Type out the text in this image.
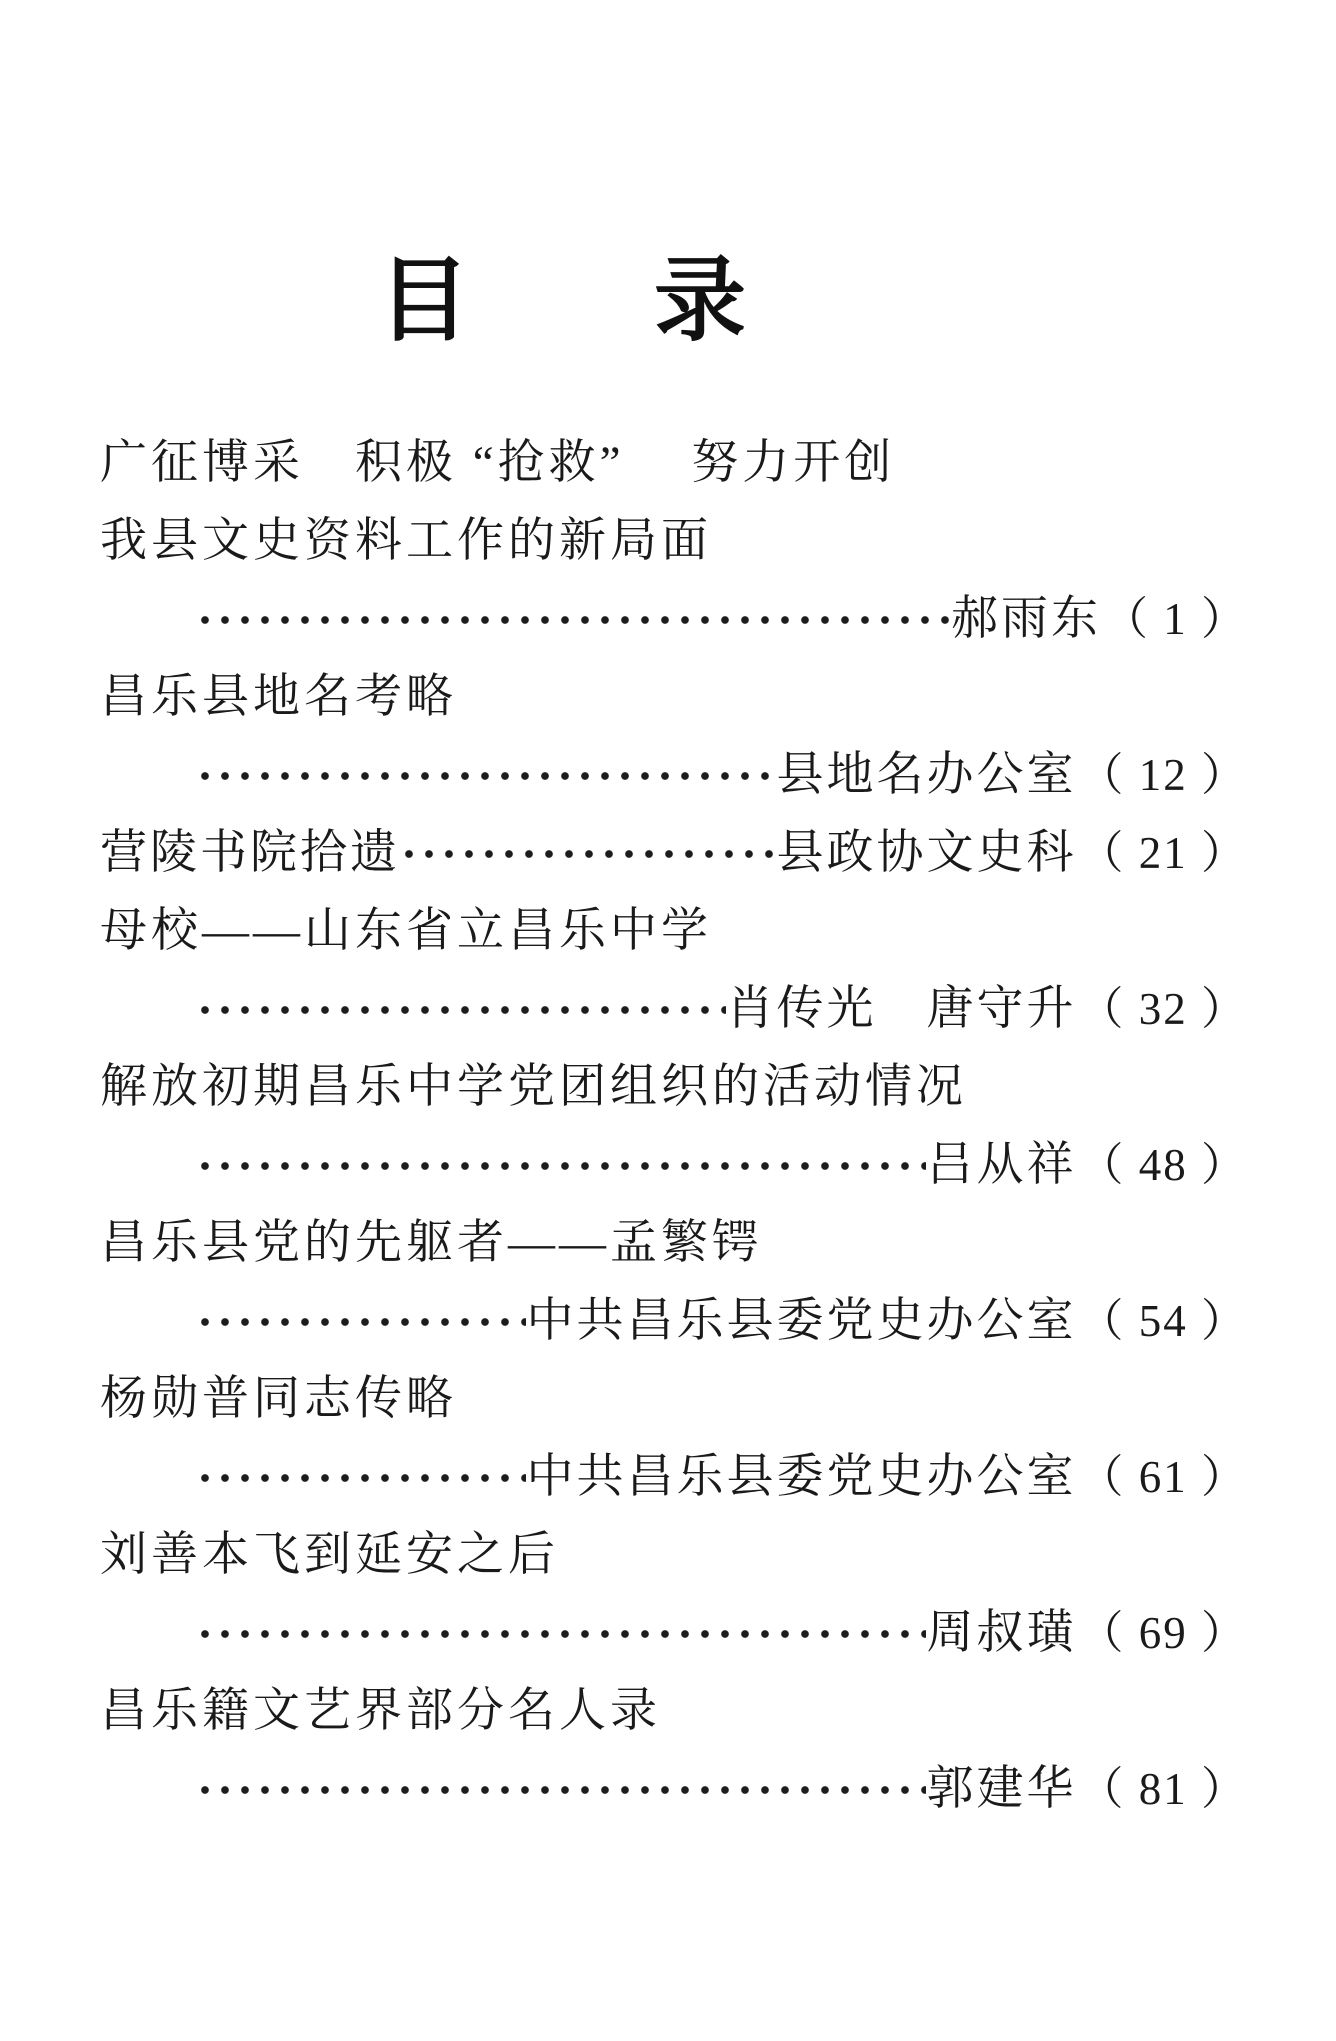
目　　录
广征博采　积极 “抢救”　 努力开创
我县文史资料工作的新局面
郝雨东 （ 1 ）
昌乐县地名考略
县地名办公室 （ 12 ）
营陵书院拾遗	县政协文史科 （ 21 ）
母校——山东省立昌乐中学
肖传光　唐守升 （ 32 ）
解放初期昌乐中学党团组织的活动情况
吕从祥 （ 48 ）
昌乐县党的先躯者——孟繁锷
中共昌乐县委党史办公室 （ 54 ）
杨勋普同志传略
中共昌乐县委党史办公室 （ 61 ）
刘善本飞到延安之后
周叔璜 （ 69 ）
昌乐籍文艺界部分名人录
郭建华 （ 81 ）
